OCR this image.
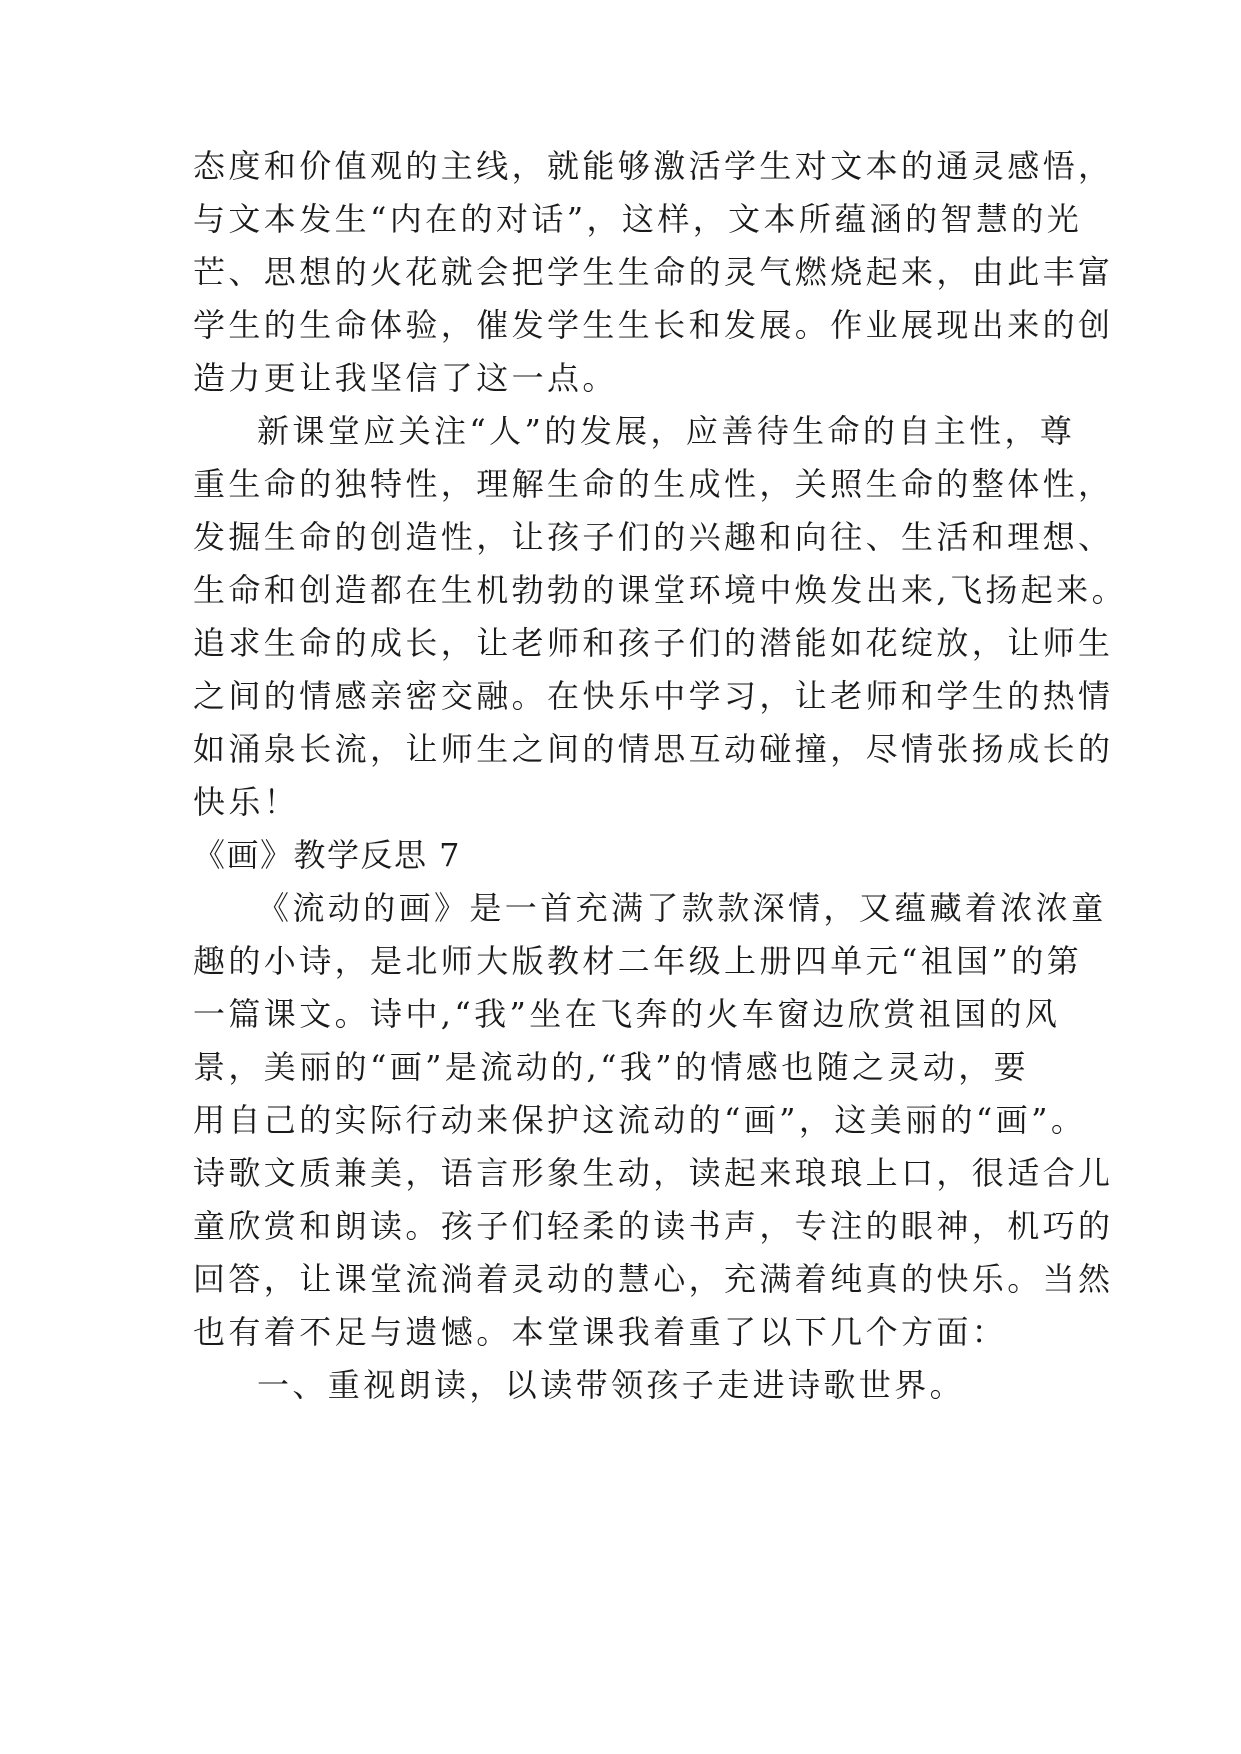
态度和价值观的主线，就能够激活学生对文本的通灵感悟，
与文本发生“内在的对话”，这样，文本所蕴涵的智慧的光
芒、思想的火花就会把学生生命的灵气燃烧起来，由此丰富
学生的生命体验，催发学生生长和发展。作业展现出来的创
造力更让我坚信了这一点。
新课堂应关注“人”的发展，应善待生命的自主性，尊
重生命的独特性，理解生命的生成性，关照生命的整体性，
发掘生命的创造性，让孩子们的兴趣和向往、生活和理想、
生命和创造都在生机勃勃的课堂环境中焕发出来,飞扬起来。
追求生命的成长，让老师和孩子们的潜能如花绽放，让师生
之间的情感亲密交融。在快乐中学习，让老师和学生的热情
如涌泉长流，让师生之间的情思互动碰撞，尽情张扬成长的
快乐！
《画》教学反思 7
《流动的画》是一首充满了款款深情，又蕴藏着浓浓童
趣的小诗，是北师大版教材二年级上册四单元“祖国”的第
一篇课文。诗中,“我”坐在飞奔的火车窗边欣赏祖国的风
景，美丽的“画”是流动的,“我”的情感也随之灵动，要
用自己的实际行动来保护这流动的“画”，这美丽的“画”。
诗歌文质兼美，语言形象生动，读起来琅琅上口，很适合儿
童欣赏和朗读。孩子们轻柔的读书声，专注的眼神，机巧的
回答，让课堂流淌着灵动的慧心，充满着纯真的快乐。当然
也有着不足与遗憾。本堂课我着重了以下几个方面：
一、重视朗读，以读带领孩子走进诗歌世界。
